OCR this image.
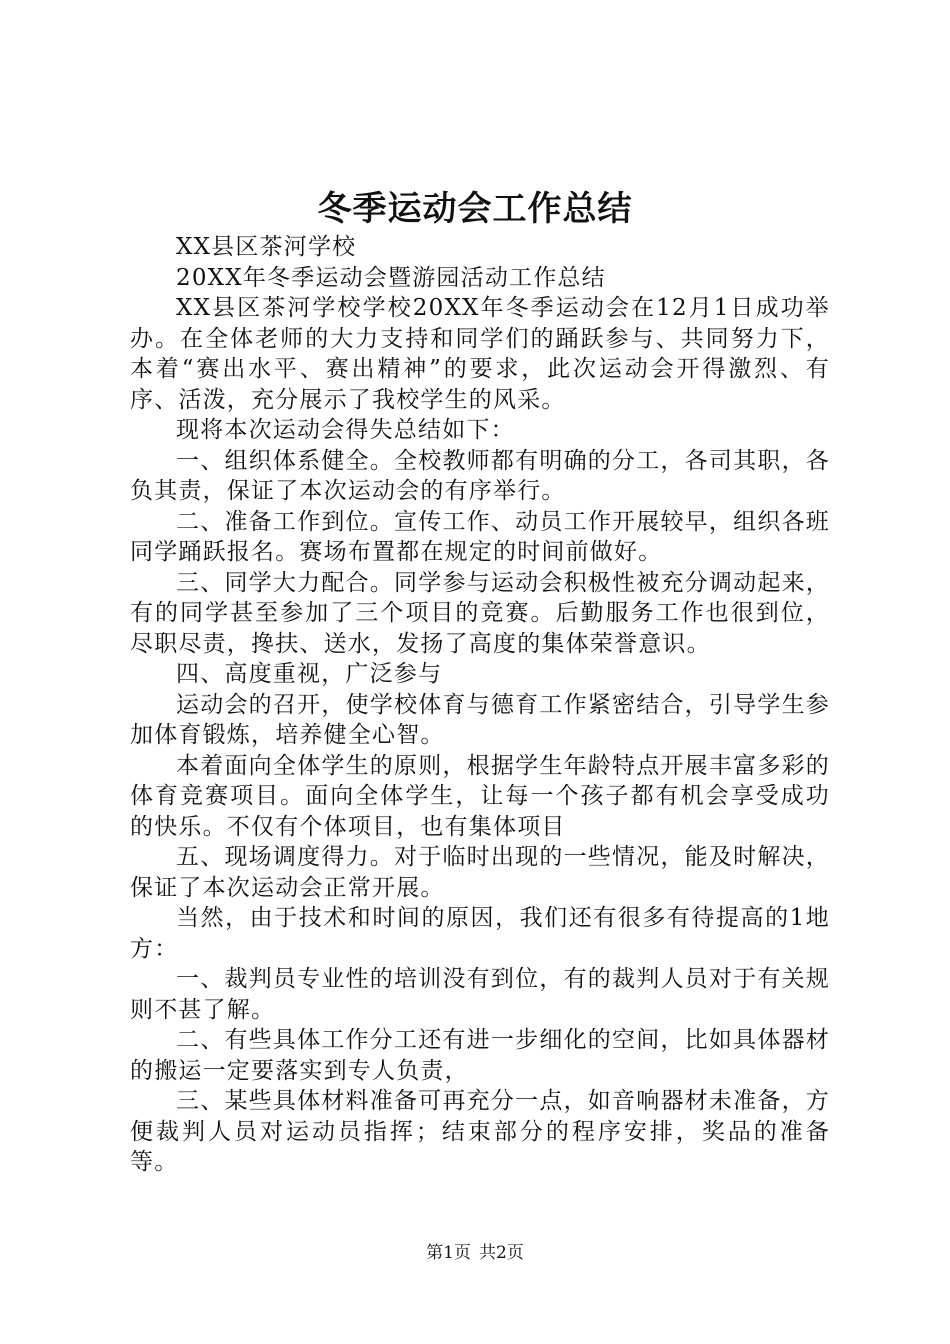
冬季运动会工作总结

XX县区茶河学校

20XX年冬季运动会暨游园活动工作总结

XX县区茶河学校学校20XX年冬季运动会在12月1日成功举办。在全体老师的大力支持和同学们的踊跃参与、共同努力下，本着“赛出水平、赛出精神”的要求，此次运动会开得激烈、有序、活泼，充分展示了我校学生的风采。

现将本次运动会得失总结如下：

一、组织体系健全。全校教师都有明确的分工，各司其职，各负其责，保证了本次运动会的有序举行。

二、准备工作到位。宣传工作、动员工作开展较早，组织各班同学踊跃报名。赛场布置都在规定的时间前做好。

三、同学大力配合。同学参与运动会积极性被充分调动起来，有的同学甚至参加了三个项目的竞赛。后勤服务工作也很到位，尽职尽责，搀扶、送水，发扬了高度的集体荣誉意识。

四、高度重视，广泛参与

运动会的召开，使学校体育与德育工作紧密结合，引导学生参加体育锻炼，培养健全心智。

本着面向全体学生的原则，根据学生年龄特点开展丰富多彩的体育竞赛项目。面向全体学生，让每一个孩子都有机会享受成功的快乐。不仅有个体项目，也有集体项目

五、现场调度得力。对于临时出现的一些情况，能及时解决，保证了本次运动会正常开展。

当然，由于技术和时间的原因，我们还有很多有待提高的1地方：

一、裁判员专业性的培训没有到位，有的裁判人员对于有关规则不甚了解。

二、有些具体工作分工还有进一步细化的空间，比如具体器材的搬运一定要落实到专人负责，

三、某些具体材料准备可再充分一点，如音响器材未准备，方便裁判人员对运动员指挥；结束部分的程序安排，奖品的准备等。

第1页 共2页
